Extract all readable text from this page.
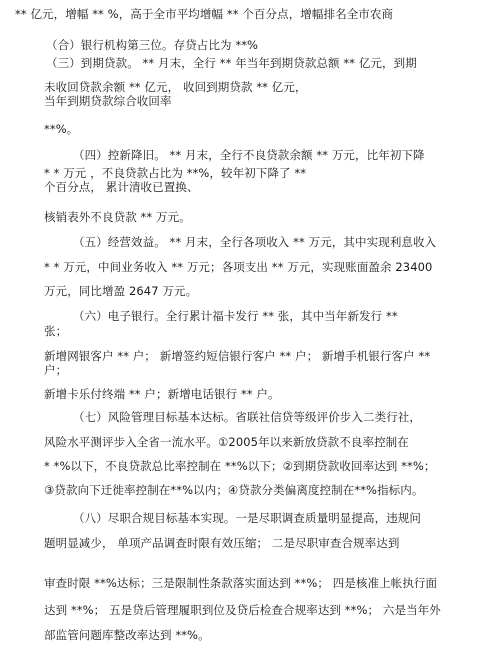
** 亿元，增幅 ** %，高于全市平均增幅 ** 个百分点，增幅排名全市农商
（合）银行机构第三位。存贷占比为 **%
（三）到期贷款。 ** 月末，全行 ** 年当年到期贷款总额 ** 亿元，到期
未收回贷款余额 ** 亿元， 收回到期贷款 ** 亿元，
当年到期贷款综合收回率
**%。
（四）控新降旧。 ** 月末，全行不良贷款余额 ** 万元，比年初下降
* * 万元 ，不良贷款占比为 **%，较年初下降了 **
个百分点， 累计清收已置换、
核销表外不良贷款 ** 万元。
（五）经营效益。 ** 月末，全行各项收入 ** 万元，其中实现利息收入
* * 万元，中间业务收入 ** 万元；各项支出 ** 万元，实现账面盈余 23400
万元，同比增盈 2647 万元。
（六）电子银行。全行累计福卡发行 ** 张，其中当年新发行 **
张；
新增网银客户 ** 户； 新增签约短信银行客户 ** 户； 新增手机银行客户 **
户；
新增卡乐付终端 ** 户；新增电话银行 ** 户。
（七）风险管理目标基本达标。省联社信贷等级评价步入二类行社，
风险水平测评步入全省一流水平。①2005年以来新放贷款不良率控制在
* *%以下，不良贷款总比率控制在 **%以下；②到期贷款收回率达到 **%；
③贷款向下迁徙率控制在**%以内；④贷款分类偏离度控制在**%指标内。
（八）尽职合规目标基本实现。一是尽职调查质量明显提高，违规问
题明显减少， 单项产品调查时限有效压缩； 二是尽职审查合规率达到
审查时限 **%达标；三是限制性条款落实面达到 **%； 四是核准上帐执行面
达到 **%； 五是贷后管理履职到位及贷后检查合规率达到 **%； 六是当年外
部监管问题库整改率达到 **%。
